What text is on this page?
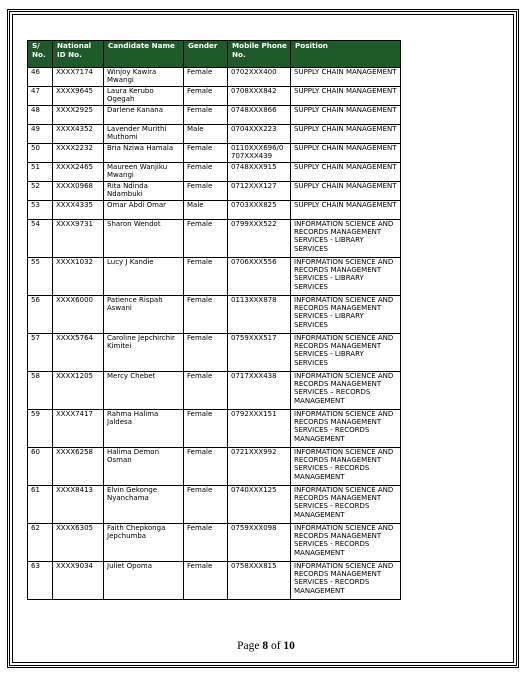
S/ No.	National ID No.	Candidate Name	Gender	Mobile Phone No.	Position
46	XXXX7174	Winjoy Kawira Mwangi	Female	0702XXX400	SUPPLY CHAIN MANAGEMENT
47	XXXX9645	Laura Kerubo Ogegah	Female	0708XXX842	SUPPLY CHAIN MANAGEMENT
48	XXXX2925	Darlene Kanana	Female	0748XXX866	SUPPLY CHAIN MANAGEMENT
49	XXXX4352	Lavender Murithi Muthomi	Male	0704XXX223	SUPPLY CHAIN MANAGEMENT
50	XXXX2232	Bria Nziwa Hamala	Female	0110XXX696/0 707XXX439	SUPPLY CHAIN MANAGEMENT
51	XXXX2465	Maureen Wanjiku Mwangi	Female	0748XXX915	SUPPLY CHAIN MANAGEMENT
52	XXXX0968	Rita Ndinda Ndambuki	Female	0712XXX127	SUPPLY CHAIN MANAGEMENT
53	XXXX4335	Omar Abdi Omar	Male	0703XXX825	SUPPLY CHAIN MANAGEMENT
54	XXXX9731	Sharon Wendot	Female	0799XXX522	INFORMATION SCIENCE AND RECORDS MANAGEMENT SERVICES - LIBRARY SERVICES
55	XXXX1032	Lucy J Kandie	Female	0706XXX556	INFORMATION SCIENCE AND RECORDS MANAGEMENT SERVICES - LIBRARY SERVICES
56	XXXX6000	Patience Rispah Aswani	Female	0113XXX878	INFORMATION SCIENCE AND RECORDS MANAGEMENT SERVICES - LIBRARY SERVICES
57	XXXX5764	Caroline Jepchirchir Kimitei	Female	0759XXX517	INFORMATION SCIENCE AND RECORDS MANAGEMENT SERVICES - LIBRARY SERVICES
58	XXXX1205	Mercy Chebet	Female	0717XXX438	INFORMATION SCIENCE AND RECORDS MANAGEMENT SERVICES – RECORDS MANAGEMENT
59	XXXX7417	Rahma Halima Jaldesa	Female	0792XXX151	INFORMATION SCIENCE AND RECORDS MANAGEMENT SERVICES - RECORDS MANAGEMENT
60	XXXX6258	Halima Demon Osman	Female	0721XXX992	INFORMATION SCIENCE AND RECORDS MANAGEMENT SERVICES - RECORDS MANAGEMENT
61	XXXX8413	Elvin Gekonge Nyanchama	Female	0740XXX125	INFORMATION SCIENCE AND RECORDS MANAGEMENT SERVICES - RECORDS MANAGEMENT
62	XXXX6305	Faith Chepkonga Jepchumba	Female	0759XXX098	INFORMATION SCIENCE AND RECORDS MANAGEMENT SERVICES - RECORDS MANAGEMENT
63	XXXX9034	Juliet Opoma	Female	0758XXX815	INFORMATION SCIENCE AND RECORDS MANAGEMENT SERVICES - RECORDS MANAGEMENT
Page 8 of 10
